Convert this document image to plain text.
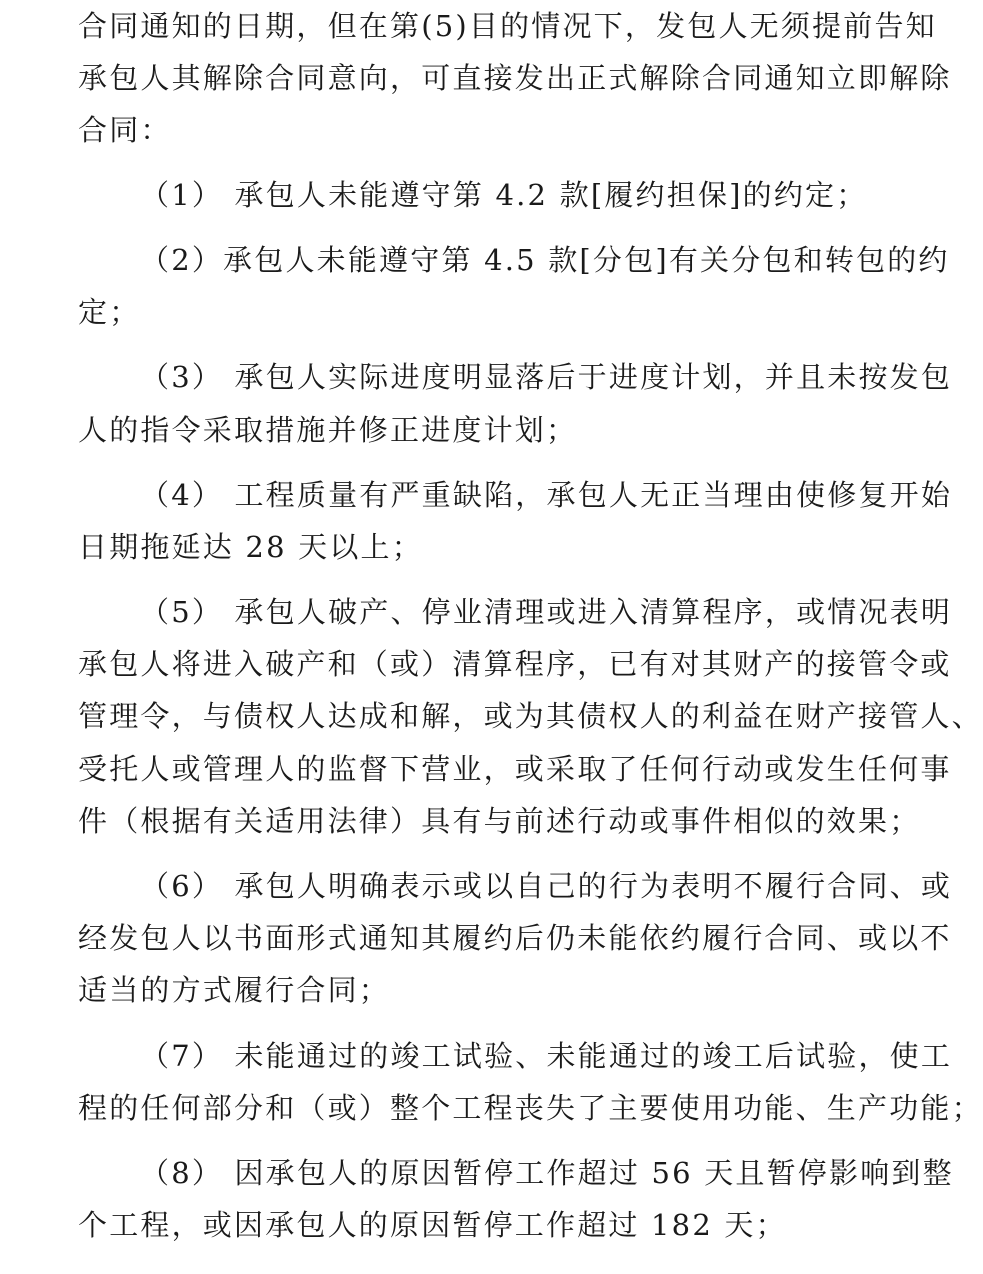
合同通知的日期，但在第(5)目的情况下，发包人无须提前告知
承包人其解除合同意向，可直接发出正式解除合同通知立即解除
合同：
（1） 承包人未能遵守第 4.2 款[履约担保]的约定；
（2）承包人未能遵守第 4.5 款[分包]有关分包和转包的约
定；
（3） 承包人实际进度明显落后于进度计划，并且未按发包
人的指令采取措施并修正进度计划；
（4） 工程质量有严重缺陷，承包人无正当理由使修复开始
日期拖延达 28 天以上；
（5） 承包人破产、停业清理或进入清算程序，或情况表明
承包人将进入破产和（或）清算程序，已有对其财产的接管令或
管理令，与债权人达成和解，或为其债权人的利益在财产接管人、
受托人或管理人的监督下营业，或采取了任何行动或发生任何事
件（根据有关适用法律）具有与前述行动或事件相似的效果；
（6） 承包人明确表示或以自己的行为表明不履行合同、或
经发包人以书面形式通知其履约后仍未能依约履行合同、或以不
适当的方式履行合同；
（7） 未能通过的竣工试验、未能通过的竣工后试验，使工
程的任何部分和（或）整个工程丧失了主要使用功能、生产功能；
（8） 因承包人的原因暂停工作超过 56 天且暂停影响到整
个工程，或因承包人的原因暂停工作超过 182 天；
